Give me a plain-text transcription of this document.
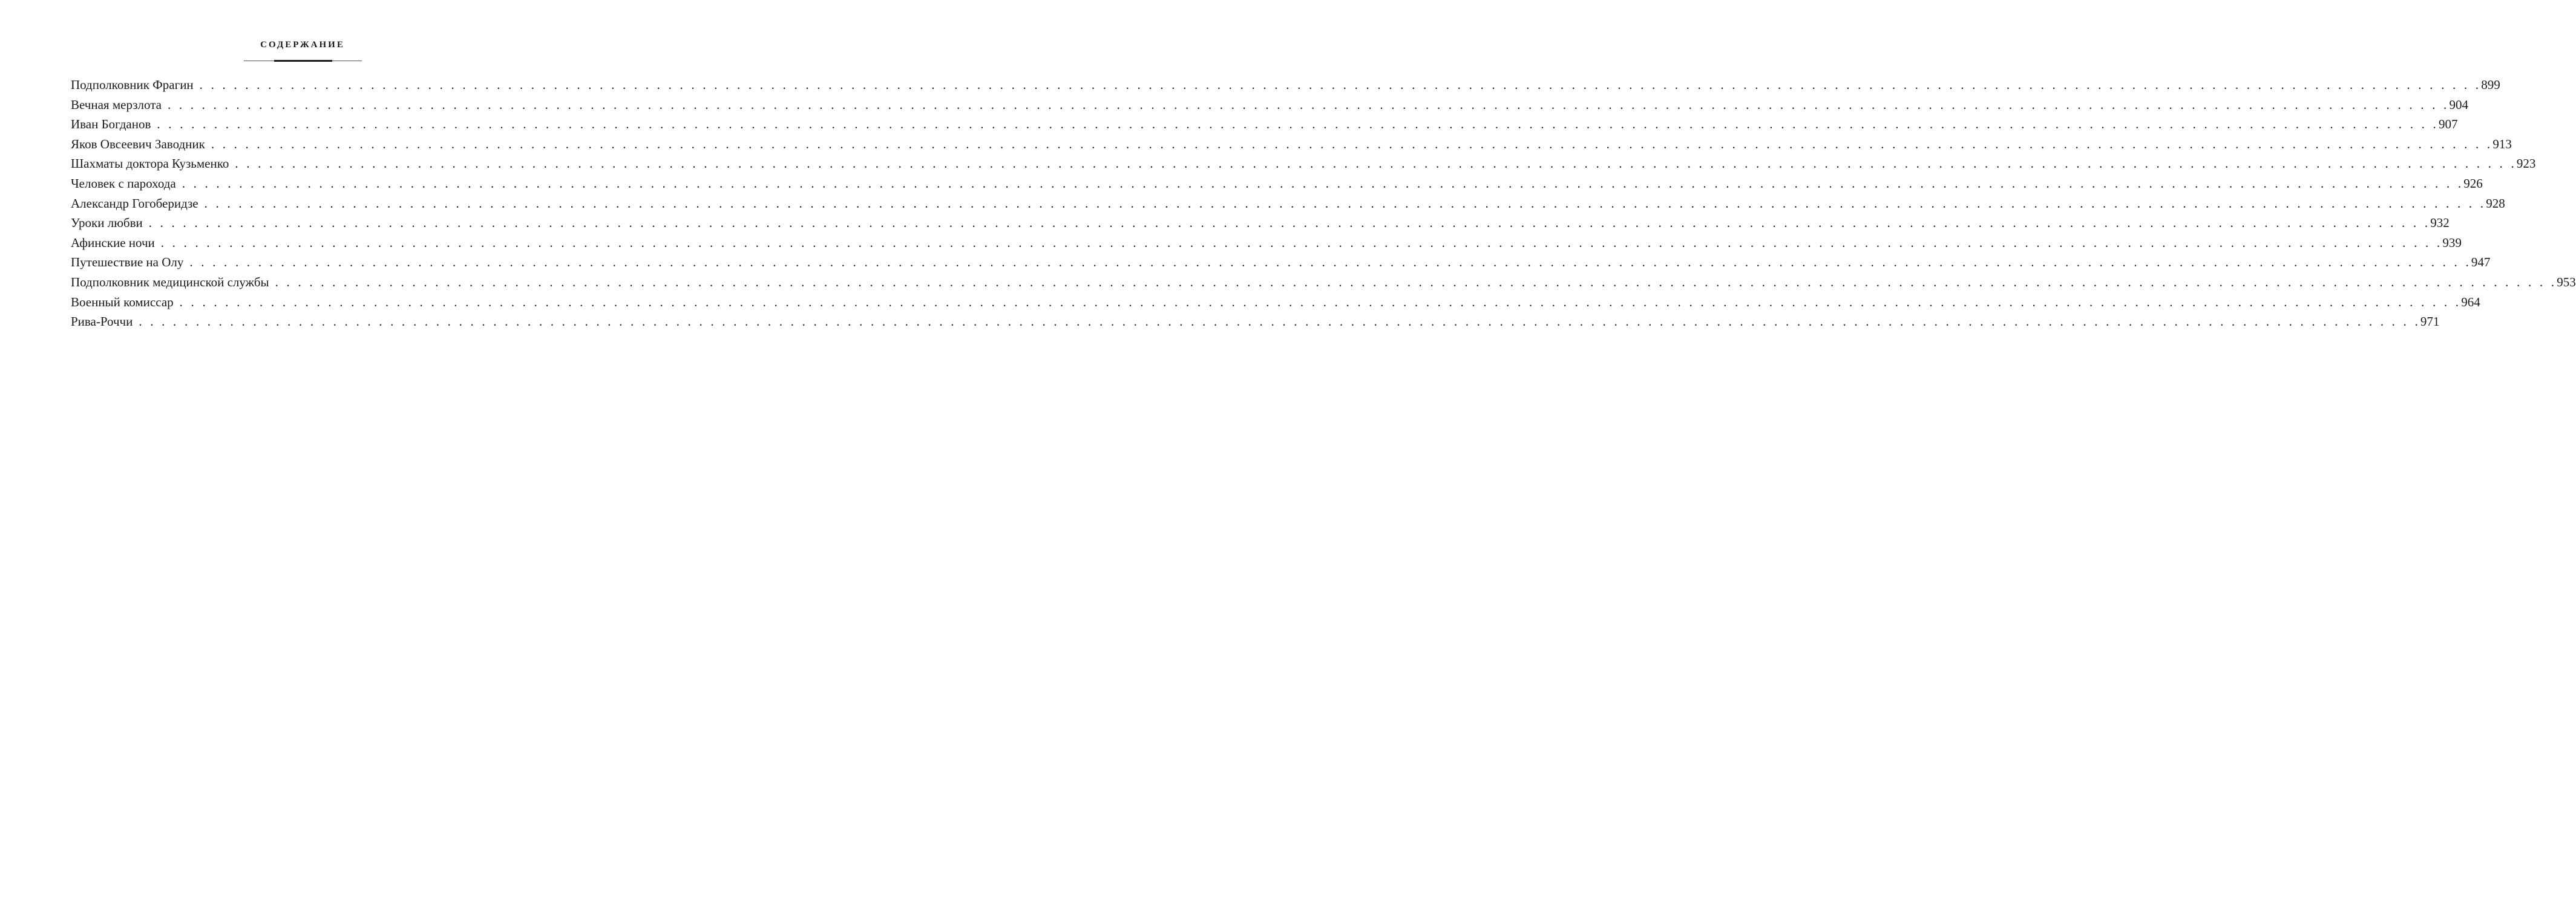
СОДЕРЖАНИЕ
Подполковник Фрагин . . . . . . . . . . . . . . . . . . . . . . . . . . . . . . . . . . . . . . . . . . . . . . . . . . . . . . . . . . . . . . . . . . . . . . . . . . . . . . . . . . . . . . . . . . . . . . . . . . . . . . . . . . . . . . . . . . . . . . . . . . . . . . . . . . . . . . . . . . . . . . . . . . . . . . . . . . . . . . . . . . . . . . . . . . . . . . . . . . . . . . . . . . . . . . . . . . . . . . . . 899
Вечная мерзлота . . . . . . . . . . . . . . . . . . . . . . . . . . . . . . . . . . . . . . . . . . . . . . . . . . . . . . . . . . . . . . . . . . . . . . . . . . . . . . . . . . . . . . . . . . . . . . . . . . . . . . . . . . . . . . . . . . . . . . . . . . . . . . . . . . . . . . . . . . . . . . . . . . . . . . . . . . . . . . . . . . . . . . . . . . . . . . . . . . . . . . . . . . . . . . . . . . . . . . . . 904
Иван Богданов . . . . . . . . . . . . . . . . . . . . . . . . . . . . . . . . . . . . . . . . . . . . . . . . . . . . . . . . . . . . . . . . . . . . . . . . . . . . . . . . . . . . . . . . . . . . . . . . . . . . . . . . . . . . . . . . . . . . . . . . . . . . . . . . . . . . . . . . . . . . . . . . . . . . . . . . . . . . . . . . . . . . . . . . . . . . . . . . . . . . . . . . . . . . . . . . . . . . . . . . 907
Яков Овсеевич Заводник . . . . . . . . . . . . . . . . . . . . . . . . . . . . . . . . . . . . . . . . . . . . . . . . . . . . . . . . . . . . . . . . . . . . . . . . . . . . . . . . . . . . . . . . . . . . . . . . . . . . . . . . . . . . . . . . . . . . . . . . . . . . . . . . . . . . . . . . . . . . . . . . . . . . . . . . . . . . . . . . . . . . . . . . . . . . . . . . . . . . . . . . . . . . . . . . . . . . . . . . 913
Шахматы доктора Кузьменко . . . . . . . . . . . . . . . . . . . . . . . . . . . . . . . . . . . . . . . . . . . . . . . . . . . . . . . . . . . . . . . . . . . . . . . . . . . . . . . . . . . . . . . . . . . . . . . . . . . . . . . . . . . . . . . . . . . . . . . . . . . . . . . . . . . . . . . . . . . . . . . . . . . . . . . . . . . . . . . . . . . . . . . . . . . . . . . . . . . . . . . . . . . . . . . . . . . . . . . . 923
Человек с парохода . . . . . . . . . . . . . . . . . . . . . . . . . . . . . . . . . . . . . . . . . . . . . . . . . . . . . . . . . . . . . . . . . . . . . . . . . . . . . . . . . . . . . . . . . . . . . . . . . . . . . . . . . . . . . . . . . . . . . . . . . . . . . . . . . . . . . . . . . . . . . . . . . . . . . . . . . . . . . . . . . . . . . . . . . . . . . . . . . . . . . . . . . . . . . . . . . . . . . . . . 926
Александр Гогоберидзе . . . . . . . . . . . . . . . . . . . . . . . . . . . . . . . . . . . . . . . . . . . . . . . . . . . . . . . . . . . . . . . . . . . . . . . . . . . . . . . . . . . . . . . . . . . . . . . . . . . . . . . . . . . . . . . . . . . . . . . . . . . . . . . . . . . . . . . . . . . . . . . . . . . . . . . . . . . . . . . . . . . . . . . . . . . . . . . . . . . . . . . . . . . . . . . . . . . . . . . . 928
Уроки любви . . . . . . . . . . . . . . . . . . . . . . . . . . . . . . . . . . . . . . . . . . . . . . . . . . . . . . . . . . . . . . . . . . . . . . . . . . . . . . . . . . . . . . . . . . . . . . . . . . . . . . . . . . . . . . . . . . . . . . . . . . . . . . . . . . . . . . . . . . . . . . . . . . . . . . . . . . . . . . . . . . . . . . . . . . . . . . . . . . . . . . . . . . . . . . . . . . . . . . . . 932
Афинские ночи . . . . . . . . . . . . . . . . . . . . . . . . . . . . . . . . . . . . . . . . . . . . . . . . . . . . . . . . . . . . . . . . . . . . . . . . . . . . . . . . . . . . . . . . . . . . . . . . . . . . . . . . . . . . . . . . . . . . . . . . . . . . . . . . . . . . . . . . . . . . . . . . . . . . . . . . . . . . . . . . . . . . . . . . . . . . . . . . . . . . . . . . . . . . . . . . . . . . . . . . 939
Путешествие на Олу . . . . . . . . . . . . . . . . . . . . . . . . . . . . . . . . . . . . . . . . . . . . . . . . . . . . . . . . . . . . . . . . . . . . . . . . . . . . . . . . . . . . . . . . . . . . . . . . . . . . . . . . . . . . . . . . . . . . . . . . . . . . . . . . . . . . . . . . . . . . . . . . . . . . . . . . . . . . . . . . . . . . . . . . . . . . . . . . . . . . . . . . . . . . . . . . . . . . . . . . 947
Подполковник медицинской службы . . . . . . . . . . . . . . . . . . . . . . . . . . . . . . . . . . . . . . . . . . . . . . . . . . . . . . . . . . . . . . . . . . . . . . . . . . . . . . . . . . . . . . . . . . . . . . . . . . . . . . . . . . . . . . . . . . . . . . . . . . . . . . . . . . . . . . . . . . . . . . . . . . . . . . . . . . . . . . . . . . . . . . . . . . . . . . . . . . . . . . . . . . . . . . . . . . . . . . . . 953
Военный комиссар . . . . . . . . . . . . . . . . . . . . . . . . . . . . . . . . . . . . . . . . . . . . . . . . . . . . . . . . . . . . . . . . . . . . . . . . . . . . . . . . . . . . . . . . . . . . . . . . . . . . . . . . . . . . . . . . . . . . . . . . . . . . . . . . . . . . . . . . . . . . . . . . . . . . . . . . . . . . . . . . . . . . . . . . . . . . . . . . . . . . . . . . . . . . . . . . . . . . . . . . 964
Рива-Роччи . . . . . . . . . . . . . . . . . . . . . . . . . . . . . . . . . . . . . . . . . . . . . . . . . . . . . . . . . . . . . . . . . . . . . . . . . . . . . . . . . . . . . . . . . . . . . . . . . . . . . . . . . . . . . . . . . . . . . . . . . . . . . . . . . . . . . . . . . . . . . . . . . . . . . . . . . . . . . . . . . . . . . . . . . . . . . . . . . . . . . . . . . . . . . . . . . . . . . . . . 971
